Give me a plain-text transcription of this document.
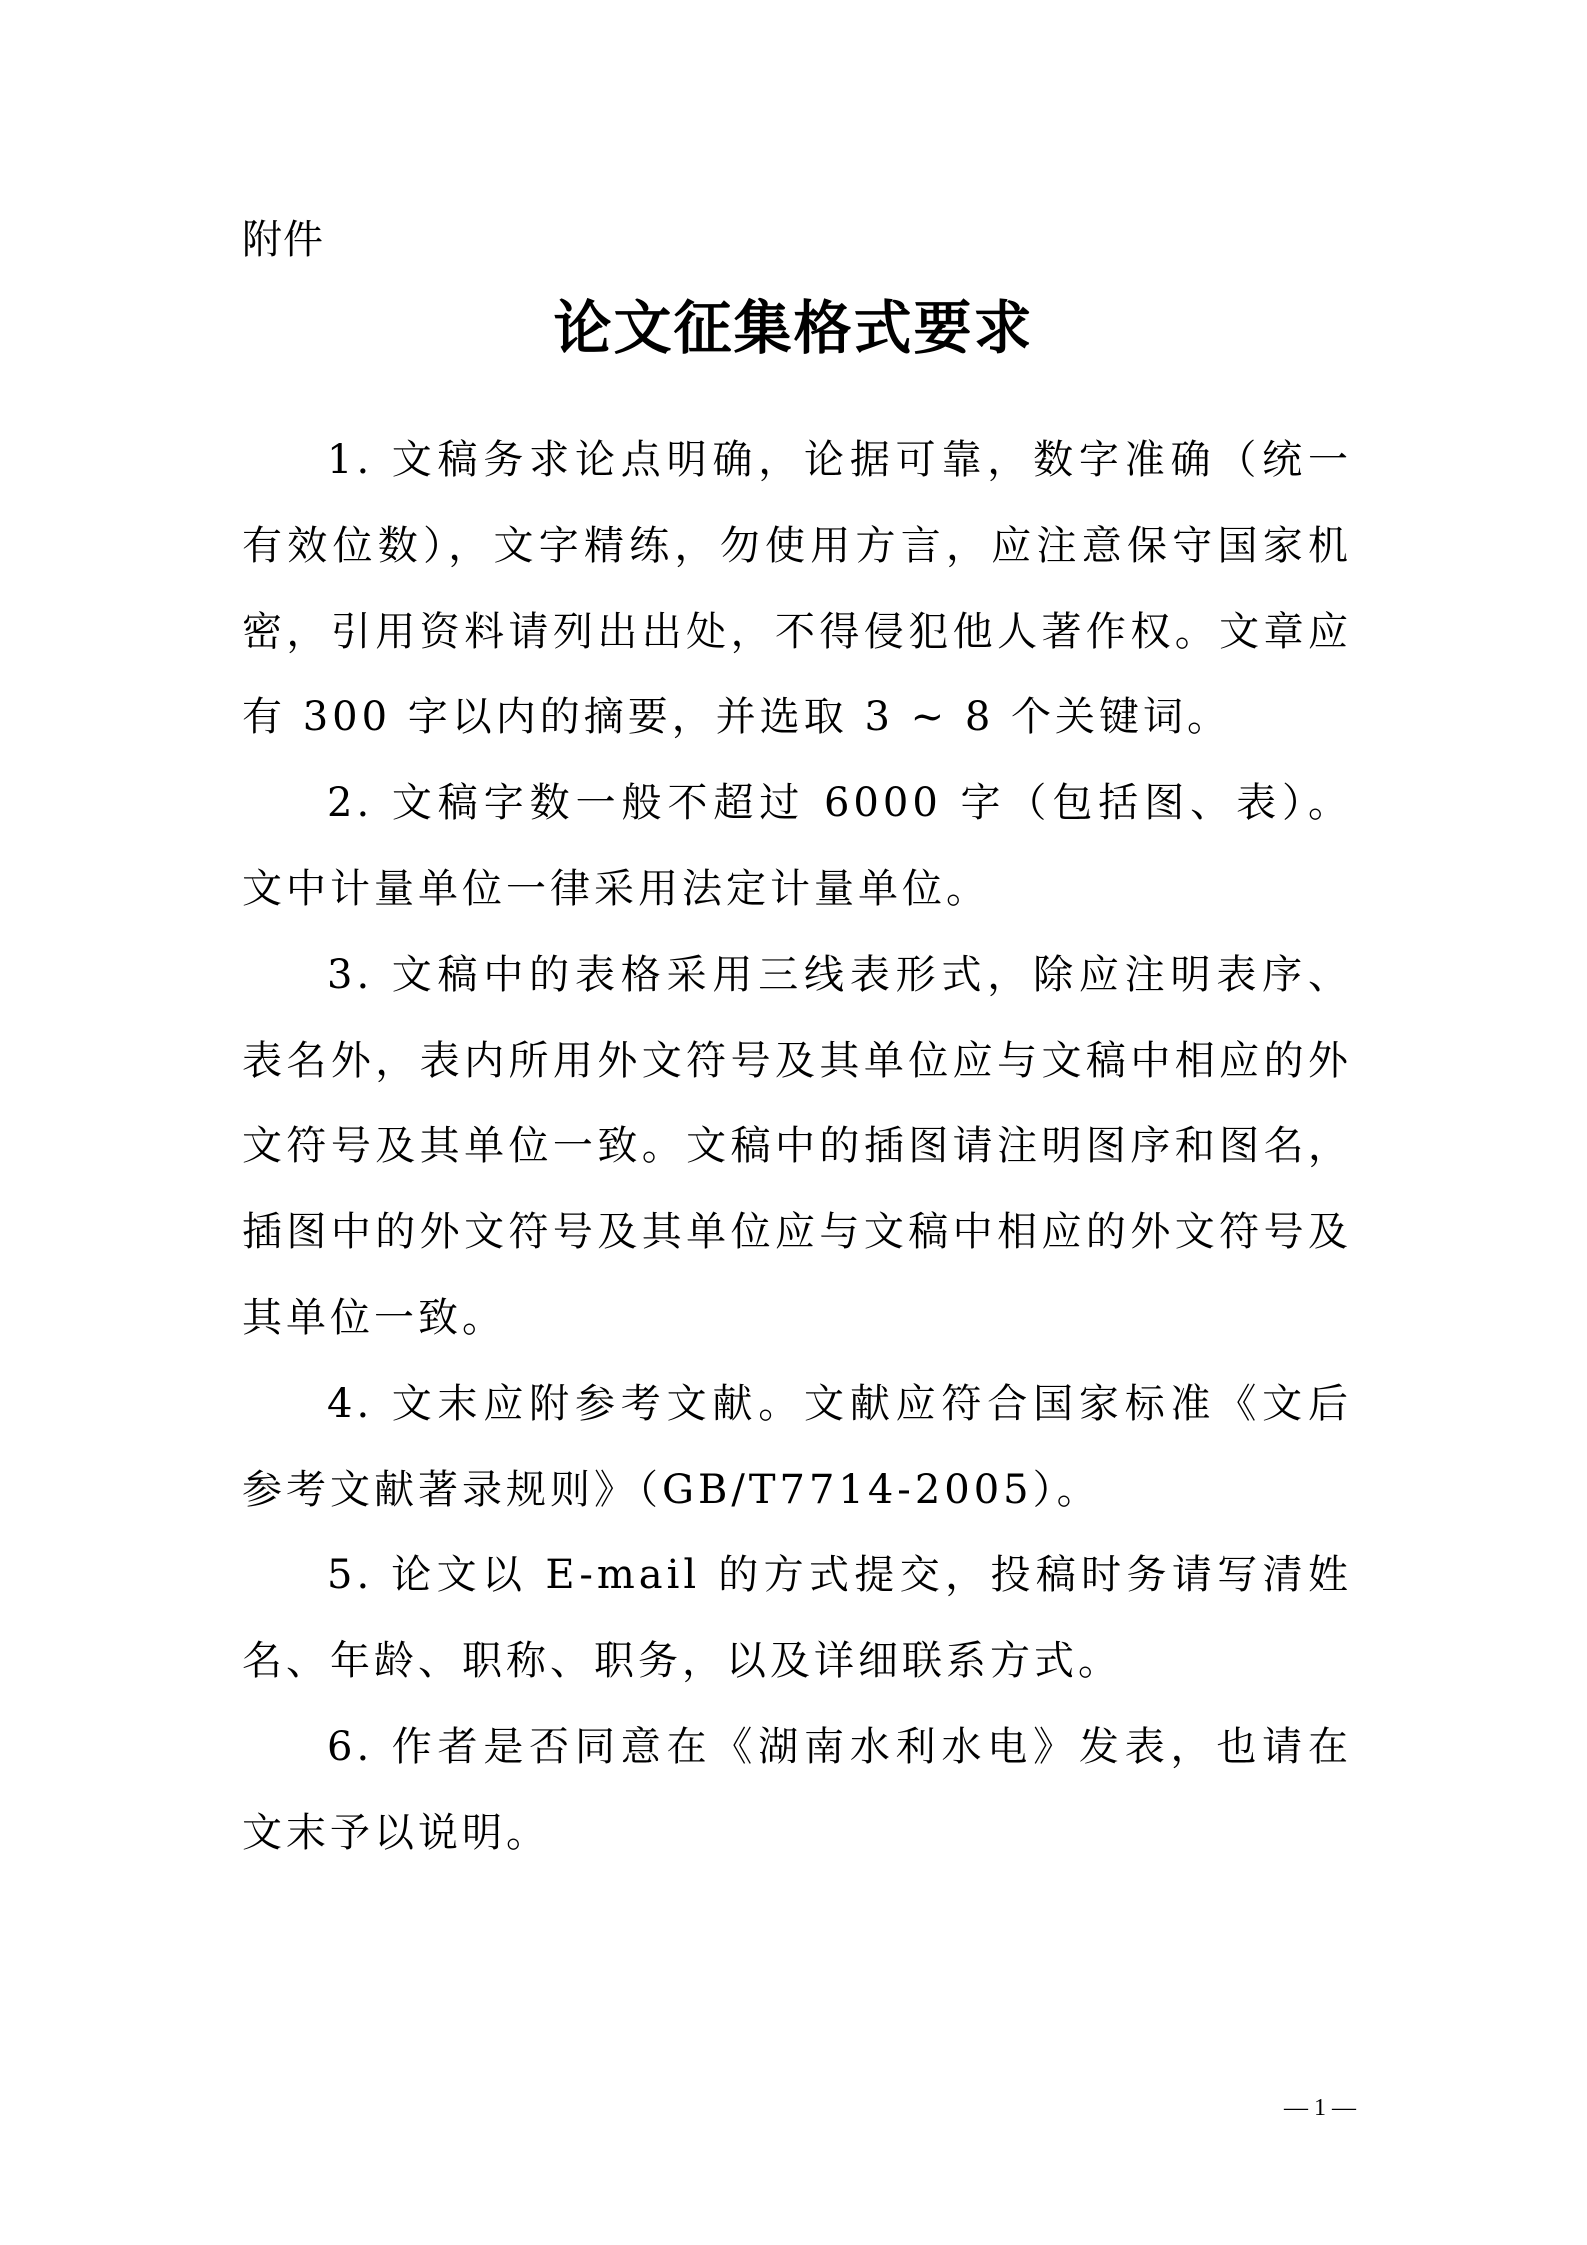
附件
论文征集格式要求

1. 文稿务求论点明确，论据可靠，数字准确（统一有效位数），文字精练，勿使用方言，应注意保守国家机密，引用资料请列出出处，不得侵犯他人著作权。文章应有 300 字以内的摘要，并选取 3 ~ 8 个关键词。

2. 文稿字数一般不超过 6000 字（包括图、表）。文中计量单位一律采用法定计量单位。

3. 文稿中的表格采用三线表形式，除应注明表序、表名外，表内所用外文符号及其单位应与文稿中相应的外文符号及其单位一致。文稿中的插图请注明图序和图名，插图中的外文符号及其单位应与文稿中相应的外文符号及其单位一致。

4. 文末应附参考文献。文献应符合国家标准《文后参考文献著录规则》（GB/T7714-2005）。

5. 论文以 E-mail 的方式提交，投稿时务请写清姓名、年龄、职称、职务，以及详细联系方式。

6. 作者是否同意在《湖南水利水电》发表，也请在文末予以说明。

— 1 —
